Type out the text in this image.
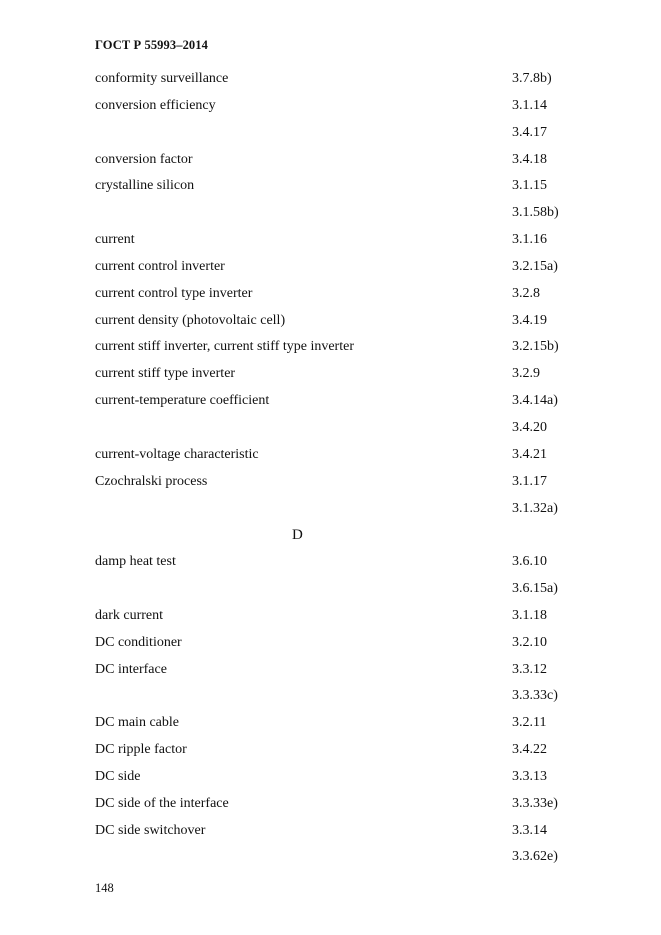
ГОСТ Р 55993–2014
conformity surveillance	3.7.8b)
conversion efficiency	3.1.14
3.4.17
conversion factor	3.4.18
crystalline silicon	3.1.15
3.1.58b)
current	3.1.16
current control inverter	3.2.15a)
current control type inverter	3.2.8
current density (photovoltaic cell)	3.4.19
current stiff inverter, current stiff type inverter	3.2.15b)
current stiff type inverter	3.2.9
current-temperature coefficient	3.4.14a)
3.4.20
current-voltage characteristic	3.4.21
Czochralski process	3.1.17
3.1.32a)
D
damp heat test	3.6.10
3.6.15a)
dark current	3.1.18
DC conditioner	3.2.10
DC interface	3.3.12
3.3.33c)
DC main cable	3.2.11
DC ripple factor	3.4.22
DC side	3.3.13
DC side of the interface	3.3.33e)
DC side switchover	3.3.14
3.3.62e)
148
